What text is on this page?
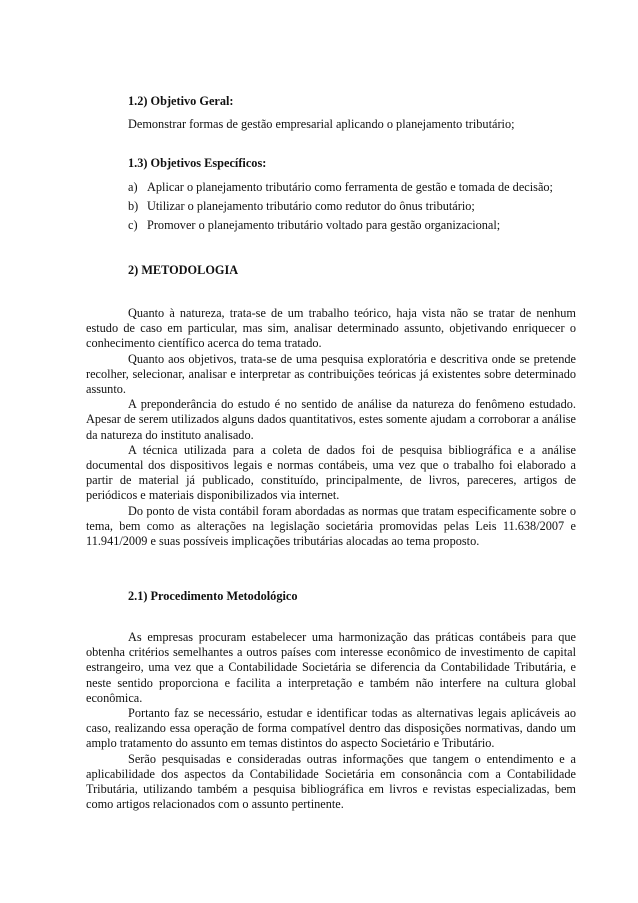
1.2) Objetivo Geral:
Demonstrar formas de gestão empresarial aplicando o planejamento tributário;
1.3) Objetivos Específicos:
a) Aplicar o planejamento tributário como ferramenta de gestão e tomada de decisão;
b) Utilizar o planejamento tributário como redutor do ônus tributário;
c) Promover o planejamento tributário voltado para gestão organizacional;
2) METODOLOGIA

Quanto à natureza, trata-se de um trabalho teórico, haja vista não se tratar de nenhum estudo de caso em particular, mas sim, analisar determinado assunto, objetivando enriquecer o conhecimento científico acerca do tema tratado.

Quanto aos objetivos, trata-se de uma pesquisa exploratória e descritiva onde se pretende recolher, selecionar, analisar e interpretar as contribuições teóricas já existentes sobre determinado assunto.

A preponderância do estudo é no sentido de análise da natureza do fenômeno estudado. Apesar de serem utilizados alguns dados quantitativos, estes somente ajudam a corroborar a análise da natureza do instituto analisado.

A técnica utilizada para a coleta de dados foi de pesquisa bibliográfica e a análise documental dos dispositivos legais e normas contábeis, uma vez que o trabalho foi elaborado a partir de material já publicado, constituído, principalmente, de livros, pareceres, artigos de periódicos e materiais disponibilizados via internet.

Do ponto de vista contábil foram abordadas as normas que tratam especificamente sobre o tema, bem como as alterações na legislação societária promovidas pelas Leis 11.638/2007 e 11.941/2009 e suas possíveis implicações tributárias alocadas ao tema proposto.

2.1) Procedimento Metodológico

As empresas procuram estabelecer uma harmonização das práticas contábeis para que obtenha critérios semelhantes a outros países com interesse econômico de investimento de capital estrangeiro, uma vez que a Contabilidade Societária se diferencia da Contabilidade Tributária, e neste sentido proporciona e facilita a interpretação e também não interfere na cultura global econômica.

Portanto faz se necessário, estudar e identificar todas as alternativas legais aplicáveis ao caso, realizando essa operação de forma compatível dentro das disposições normativas, dando um amplo tratamento do assunto em temas distintos do aspecto Societário e Tributário.

Serão pesquisadas e consideradas outras informações que tangem o entendimento e a aplicabilidade dos aspectos da Contabilidade Societária em consonância com a Contabilidade Tributária, utilizando também a pesquisa bibliográfica em livros e revistas especializadas, bem como artigos relacionados com o assunto pertinente.
